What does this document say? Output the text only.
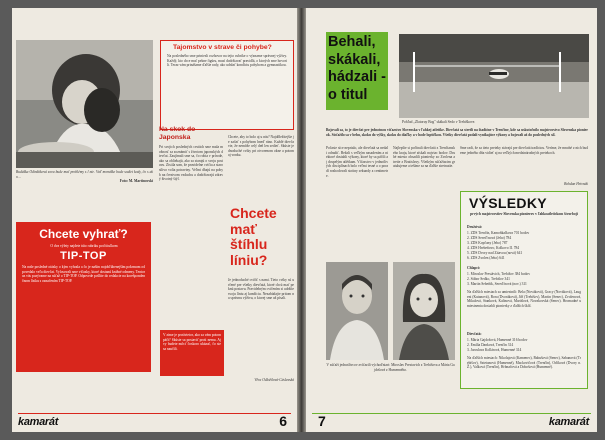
Budúška Odinštiková sova bude mať problémy s l nie. Veď momiške bude sodiet kody, čo s ako…
Foto: M. Martinovski
Tajomstvo v strave či pohybe?
Na posledného sme priniesli rozhovor na tejto rubrike o význame správnej výživy. Každý, kto chce mať pekne figúru, musí dodržiavať pravidlá, o ktorých sme hovorili. Teraz vám prinášame ďalšie rady, ako udržať kondíciu pohybom a gymnastikou.
Na skok do Japonska
Pri svojich posledných cestách sme mala možnosť sa zoznámiť s životom japonských dievčat. Zaujímali sme sa, čo robia v prírode, ako sa obliekajú, ako sa starajú o svoju postavu. Zistila som, že pravidelne cvičia a starostlivo volia potraviny. Veľmi dbajú na pohyb na čerstvom vzduchu a dodržiavajú zdravý životný štýl.
Chcete, aby to bolo aj u nás? Najdôležitejšie je začať s pohybom hneď ráno. Každé dievča vie, že nemôže celý deň len sedieť. Skúste jednoduché cviky pri otvorenom okne a potom aj vonku.
Chcete mať štíhlu líniu?
Je jednoduché cvičiť s nami. Tieto cviky sú určené pre všetky dievčatá, ktoré chcú mať peknú postavu. Pravidelným cvičením si udržíte svoju líniu aj kondíciu. Nezabúdajte pritom na správnu výživu, o ktorej sme už písali.
Chcete vyhrať?
O dva výlety najdete túto rubriku pod titulkom
TIP-TOP
Na naše posledné otázky o kým vyhrala a čo je naším najobľúbenejším pokrmom odpovedalo veľa dievčat. Vylosovali sme víťazky, ktoré dostanú knižné odmeny. Tentoraz vás pozývame na súťaž o TIP-TOP. Odpovede pošlite do redakcie na korešpondenčnom lístku s označením TIP-TOP.
V zime je protivietor, ako sa vám potom páči? Skúste sa postaviť proti nemu. Aj vy budete môcť čoskoro ukázať, čo ste sa naučili.
Věra Odložilová-Čáslavská
kamarát	6
Behali, skákali, hádzali - o titul
Pohľad „Zlatoruy Bog" skákali Šedo v Trebiškove.
Bojovali sa, to je dievčat pre jednotnou víťazstvo Slovenska v ľahkej atletike. Dievčatá sa stretli na štadióne v Trenčíne, kde sa uskutočnilo majstrovstvo Slovenska pionierok. Súťažilo sa v behu, skoku do výšky, skoku do diaľky a v hode loptičkou. Všetky dievčatá podali vynikajúce výkony a bojovali až do posledných síl.
Počasie síce neprialo, ale dievčatá sa nedali odradiť. Bežali s veľkým nasadením a niektoré dosiahli výkony, ktoré by sa páčili aj dospelým atlétkam. Víťazstvo v jednotlivých disciplínach bolo veľmi tesné a o poradí rozhodovali stotiny sekundy a centimetre.
Najlepšie si počínali dievčatá z Trenčianskeho kraja, ktoré získali najviac bodov. Druhé miesto obsadili pionierky zo Zvolena a tretie z Bratislavy. Všetkým súťažiacim gratulujeme a tešíme sa na ďalšie stretnutie.
Sme radi, že sa tieto preteky stávajú pre dievčatá tradíciou. Veríme, že mnohé z nich budeme jedného dňa vidieť aj na veľkých medzinárodných pretekoch.
Bohdan Hrivnák
VÝSLEDKY
prvých majstrovstiev Slovenska pionierov v ľahkoatletickom štvorboji
Družstvá:
1. ZDŠ Trenčín, Kamoňkalkova 701 bodov
2. ZDŠ Sereď/nová (Jeho) 784
3. ZDŠ Kopčany (Jeho) 787
4. ZDŠ Hrebeňovo, Kolkovo II. 784
5. ZDŠ Dvory nad Žitavou (nová) 641
6. ZDŠ Zvolen (Jeho) 641
Chlapci:
1. Miroslav Prestávich, Trebišov 384 bodov
2. Stibor Šedko, Trebišov 341
3. Martin Šebeňik, Sereď/nová (nov.) 311
Na ďalších miestach sa umiestnili: Bela (Nováková), Gracy (Nováková), Laugeni (Kutanová), Bora (Dvoráková), Jiří (Trebišov), Martin (Senec), Zvolenová, Mikalová, Stanková, Kalinová, Marúšová, Novakovská (Senec). Hromadné umiestnenia dosiahli pionierky z ďalších škôl.
Dievčatá:
1. Mária Gajdošová, Humenné 316 bodov
2. Emília Danková, Trenčín 314
3. Jaroslava Kollárová, Humenné 314
Na ďalších miestach: Nikolajová (Kamenec), Babušová (Senec), Sabanová (Trebišov), Sztetanová (Humenné), Mackovičová (Trenčín), Orlíková (Dvory n. Ž.), Valková (Trenčín), Hrbnačová a Dobošová (Humenné).
V súťaži jednotlivcov zvíťazili výchoďniari: Miroslav Prestavich z Trebišova a Mária Gajdošová z Humenného.
7	kamarát
